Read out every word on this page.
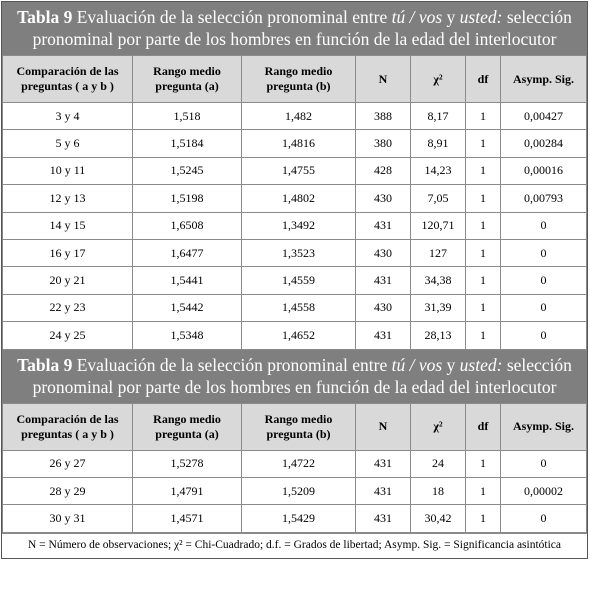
Tabla 9 Evaluación de la selección pronominal entre tú / vos y usted: selección pronominal por parte de los hombres en función de la edad del interlocutor
Comparación de las preguntas ( a y b )	Rango medio pregunta (a)	Rango medio pregunta (b)	N	χ²	df	Asymp. Sig.
3 y 4	1,518	1,482	388	8,17	1	0,00427
5 y 6	1,5184	1,4816	380	8,91	1	0,00284
10 y 11	1,5245	1,4755	428	14,23	1	0,00016
12 y 13	1,5198	1,4802	430	7,05	1	0,00793
14 y 15	1,6508	1,3492	431	120,71	1	0
16 y 17	1,6477	1,3523	430	127	1	0
20 y 21	1,5441	1,4559	431	34,38	1	0
22 y 23	1,5442	1,4558	430	31,39	1	0
24 y 25	1,5348	1,4652	431	28,13	1	0
Tabla 9 Evaluación de la selección pronominal entre tú / vos y usted: selección pronominal por parte de los hombres en función de la edad del interlocutor
Comparación de las preguntas ( a y b )	Rango medio pregunta (a)	Rango medio pregunta (b)	N	χ²	df	Asymp. Sig.
26 y 27	1,5278	1,4722	431	24	1	0
28 y 29	1,4791	1,5209	431	18	1	0,00002
30 y 31	1,4571	1,5429	431	30,42	1	0
N = Número de observaciones; χ² = Chi-Cuadrado; d.f. = Grados de libertad; Asymp. Sig. = Significancia asintótica
